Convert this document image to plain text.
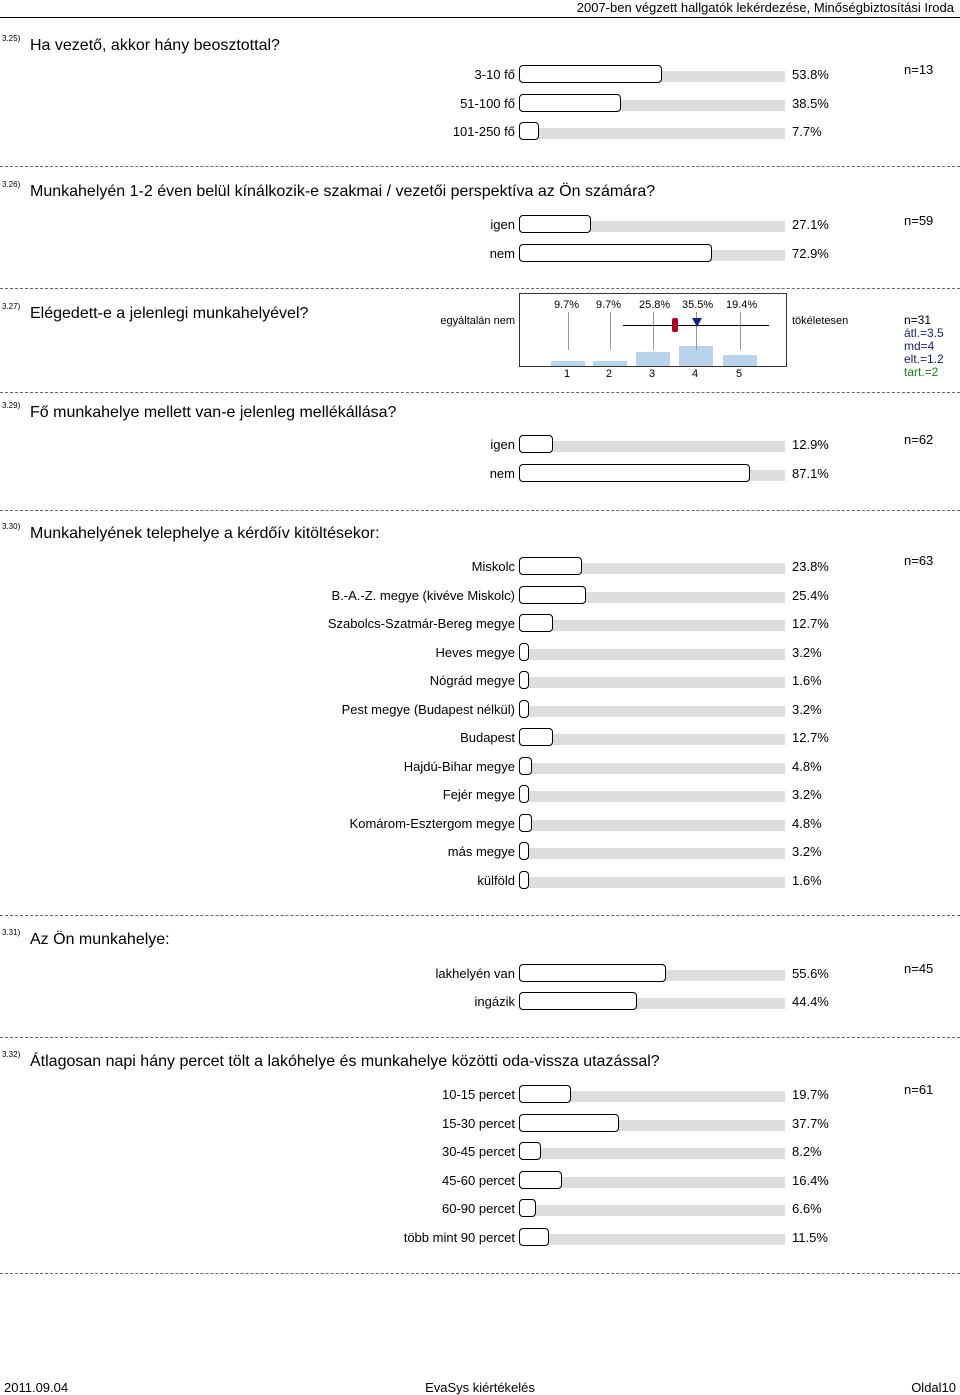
2007-ben végzett hallgatók lekérdezése, Minőségbiztosítási Iroda
3.25) Ha vezető, akkor hány beosztottal?
n=13
3-10 fő	53.8%
51-100 fő	38.5%
101-250 fő	7.7%
3.26) Munkahelyén 1-2 éven belül kínálkozik-e szakmai / vezetői perspektíva az Ön számára?
n=59
igen	27.1%
nem	72.9%
3.27) Elégedett-e a jelenlegi munkahelyével?	egyáltalán nem	tökéletesen
9.7%
1
9.7%
2
25.8%
3
35.5%
4
19.4%
5
n=31
átl.=3.5
md=4
elt.=1.2
tart.=2
3.29) Fő munkahelye mellett van-e jelenleg mellékállása?
n=62
igen	12.9%
nem	87.1%
3.30) Munkahelyének telephelye a kérdőív kitöltésekor:
n=63
Miskolc	23.8%
B.-A.-Z. megye (kivéve Miskolc)	25.4%
Szabolcs-Szatmár-Bereg megye	12.7%
Heves megye	3.2%
Nógrád megye	1.6%
Pest megye (Budapest nélkül)	3.2%
Budapest	12.7%
Hajdú-Bihar megye	4.8%
Fejér megye	3.2%
Komárom-Esztergom megye	4.8%
más megye	3.2%
külföld	1.6%
3.31) Az Ön munkahelye:
n=45
lakhelyén van	55.6%
ingázik	44.4%
3.32) Átlagosan napi hány percet tölt a lakóhelye és munkahelye közötti oda-vissza utazással?
n=61
10-15 percet	19.7%
15-30 percet	37.7%
30-45 percet	8.2%
45-60 percet	16.4%
60-90 percet	6.6%
több mint 90 percet	11.5%
2011.09.04	EvaSys kiértékelés	Oldal10
